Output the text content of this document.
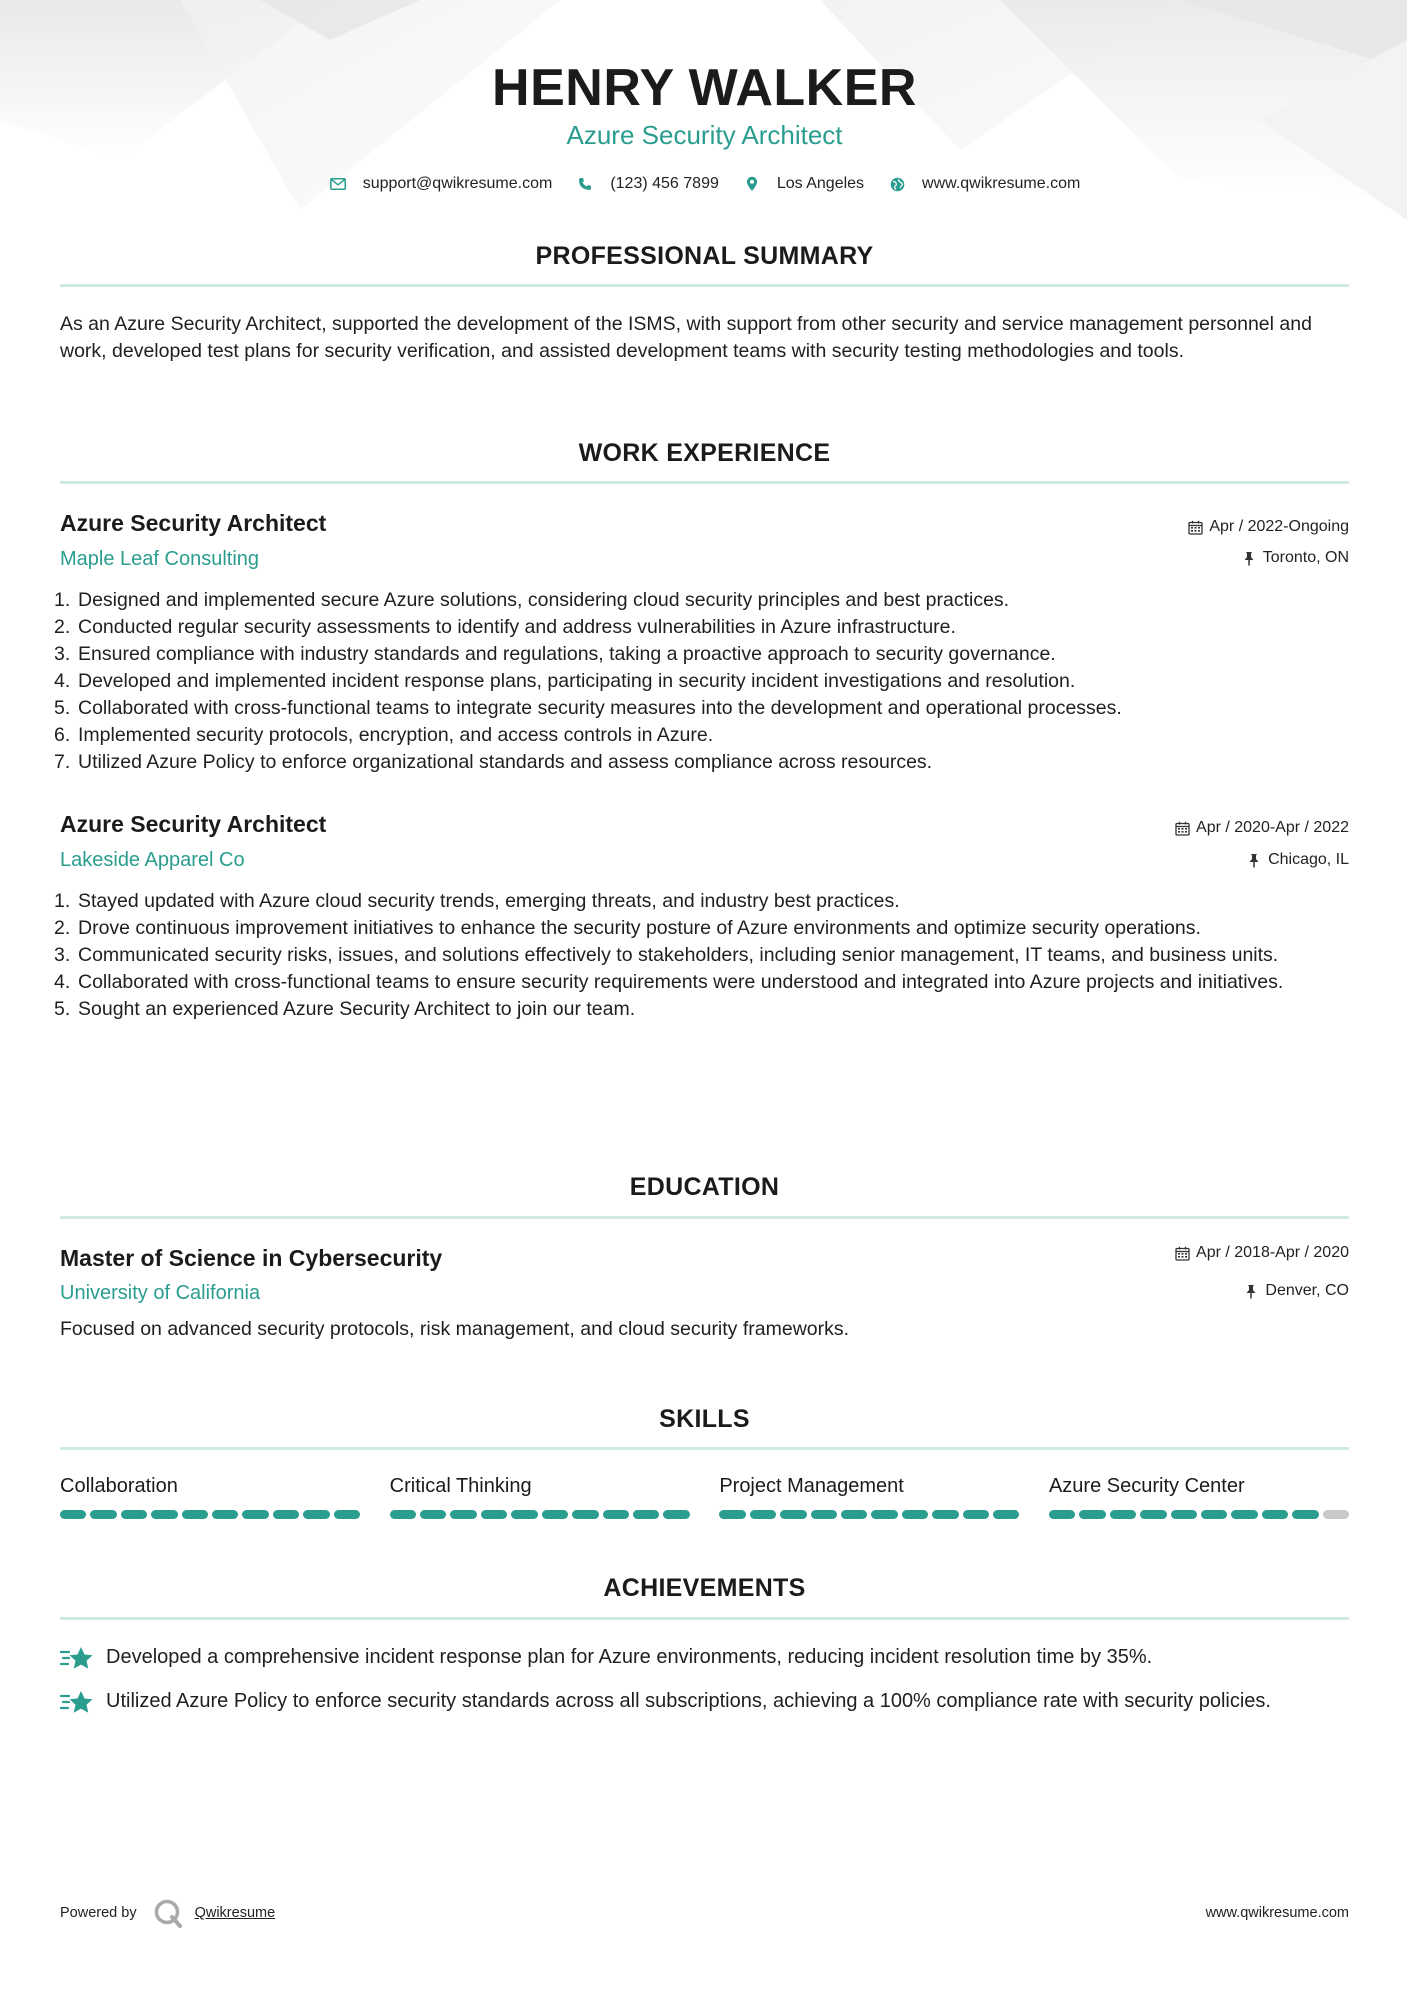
HENRY WALKER
Azure Security Architect
support@qwikresume.com	(123) 456 7899	Los Angeles	www.qwikresume.com
PROFESSIONAL SUMMARY
As an Azure Security Architect, supported the development of the ISMS, with support from other security and service management personnel and work, developed test plans for security verification, and assisted development teams with security testing methodologies and tools.
WORK EXPERIENCE
Azure Security Architect	Apr / 2022-Ongoing
Maple Leaf Consulting	Toronto, ON
1. Designed and implemented secure Azure solutions, considering cloud security principles and best practices.
2. Conducted regular security assessments to identify and address vulnerabilities in Azure infrastructure.
3. Ensured compliance with industry standards and regulations, taking a proactive approach to security governance.
4. Developed and implemented incident response plans, participating in security incident investigations and resolution.
5. Collaborated with cross-functional teams to integrate security measures into the development and operational processes.
6. Implemented security protocols, encryption, and access controls in Azure.
7. Utilized Azure Policy to enforce organizational standards and assess compliance across resources.
Azure Security Architect	Apr / 2020-Apr / 2022
Lakeside Apparel Co	Chicago, IL
1. Stayed updated with Azure cloud security trends, emerging threats, and industry best practices.
2. Drove continuous improvement initiatives to enhance the security posture of Azure environments and optimize security operations.
3. Communicated security risks, issues, and solutions effectively to stakeholders, including senior management, IT teams, and business units.
4. Collaborated with cross-functional teams to ensure security requirements were understood and integrated into Azure projects and initiatives.
5. Sought an experienced Azure Security Architect to join our team.
EDUCATION
Master of Science in Cybersecurity	Apr / 2018-Apr / 2020
University of California	Denver, CO
Focused on advanced security protocols, risk management, and cloud security frameworks.
SKILLS
Collaboration	Critical Thinking	Project Management	Azure Security Center
ACHIEVEMENTS
Developed a comprehensive incident response plan for Azure environments, reducing incident resolution time by 35%.
Utilized Azure Policy to enforce security standards across all subscriptions, achieving a 100% compliance rate with security policies.
Powered by	Qwikresume	www.qwikresume.com
